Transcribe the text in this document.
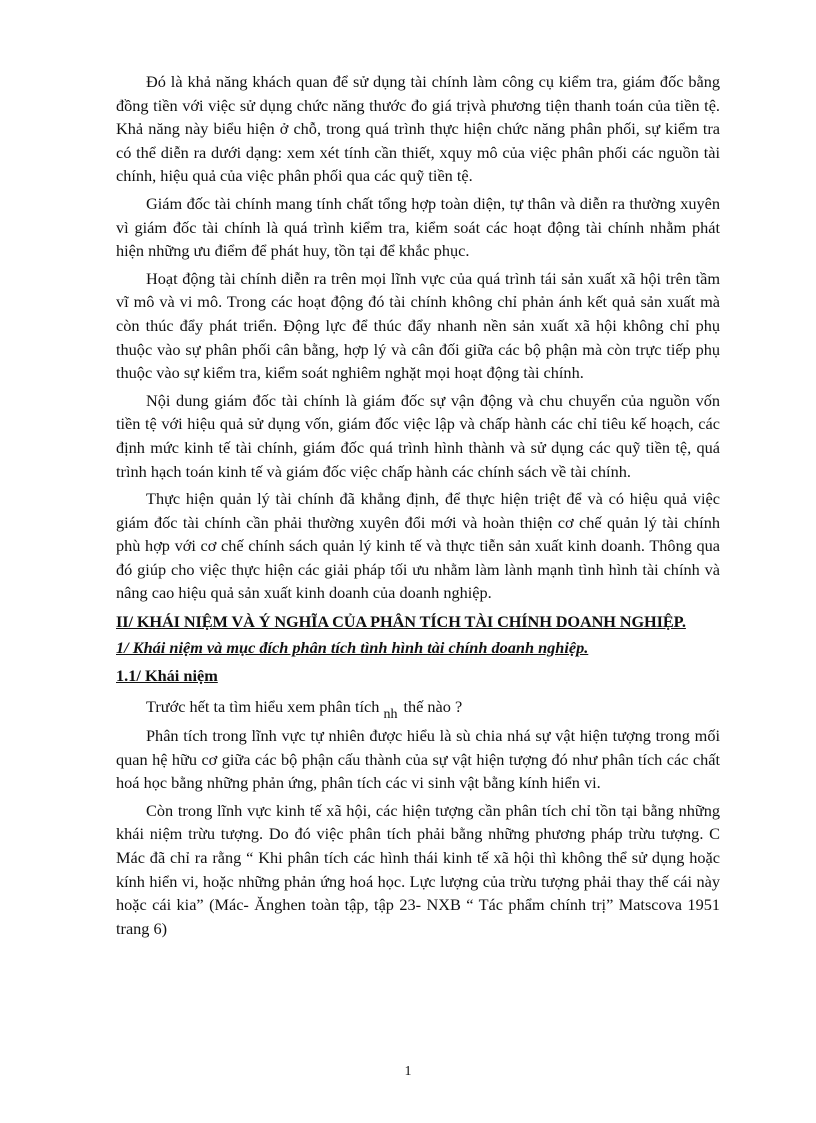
Đó là khả năng khách quan để sử dụng tài chính làm công cụ kiểm tra, giám đốc bằng đồng tiền với việc sử dụng chức năng thước đo giá trịvà phương tiện thanh toán của tiền tệ. Khả năng này biểu hiện ở chỗ, trong quá trình thực hiện chức năng phân phối, sự kiểm tra có thể diễn ra dưới dạng: xem xét tính cần thiết, xquy mô của việc phân phối các nguồn tài chính, hiệu quả của việc phân phối qua các quỹ tiền tệ.

Giám đốc tài chính mang tính chất tổng hợp toàn diện, tự thân và diễn ra thường xuyên vì giám đốc tài chính là quá trình kiểm tra, kiểm soát các hoạt động tài chính nhằm phát hiện những ưu điểm để phát huy, tồn tại để khắc phục.

Hoạt động tài chính diễn ra trên mọi lĩnh vực của quá trình tái sản xuất xã hội trên tầm vĩ mô và vi mô. Trong các hoạt động đó tài chính không chỉ phản ánh kết quả sản xuất mà còn thúc đẩy phát triển. Động lực để thúc đẩy nhanh nền sản xuất xã hội không chỉ phụ thuộc vào sự phân phối cân bằng, hợp lý và cân đối giữa các bộ phận mà còn trực tiếp phụ thuộc vào sự kiểm tra, kiểm soát nghiêm nghặt mọi hoạt động tài chính.

Nội dung giám đốc tài chính là giám đốc sự vận động và chu chuyển của nguồn vốn tiền tệ với hiệu quả sử dụng vốn, giám đốc việc lập và chấp hành các chỉ tiêu kế hoạch, các định mức kinh tế tài chính, giám đốc quá trình hình thành và sử dụng các quỹ tiền tệ, quá trình hạch toán kinh tế và giám đốc việc chấp hành các chính sách về tài chính.

Thực hiện quản lý tài chính đã khẳng định, để thực hiện triệt để và có hiệu quả việc giám đốc tài chính cần phải thường xuyên đổi mới và hoàn thiện cơ chế quản lý tài chính phù hợp với cơ chế chính sách quản lý kinh tế và thực tiễn sản xuất kinh doanh. Thông qua đó giúp cho việc thực hiện các giải pháp tối ưu nhằm làm lành mạnh tình hình tài chính và nâng cao hiệu quả sản xuất kinh doanh của doanh nghiệp.

II/ KHÁI NIỆM VÀ Ý NGHĨA CỦA PHÂN TÍCH TÀI CHÍNH DOANH NGHIỆP.

1/ Khái niệm và mục đích phân tích tình hình tài chính doanh nghiệp.

1.1/ Khái niệm

Trước hết ta tìm hiểu xem phân tích nh thế nào ?

Phân tích trong lĩnh vực tự nhiên được hiểu là sù chia nhá sự vật hiện tượng trong mối quan hệ hữu cơ giữa các bộ phận cấu thành của sự vật hiện tượng đó như phân tích các chất hoá học bằng những phản ứng, phân tích các vi sinh vật bằng kính hiển vi.

Còn trong lĩnh vực kinh tế xã hội, các hiện tượng cần phân tích chỉ tồn tại bằng những khái niệm trừu tượng. Do đó việc phân tích phải bằng những phương pháp trừu tượng. C Mác đã chỉ ra rằng “ Khi phân tích các hình thái kinh tế xã hội thì không thể sử dụng hoặc kính hiển vi, hoặc những phản ứng hoá học. Lực lượng của trừu tượng phải thay thế cái này hoặc cái kia” (Mác- Ănghen toàn tập, tập 23- NXB “ Tác phẩm chính trị” Matscova 1951 trang 6)

1
